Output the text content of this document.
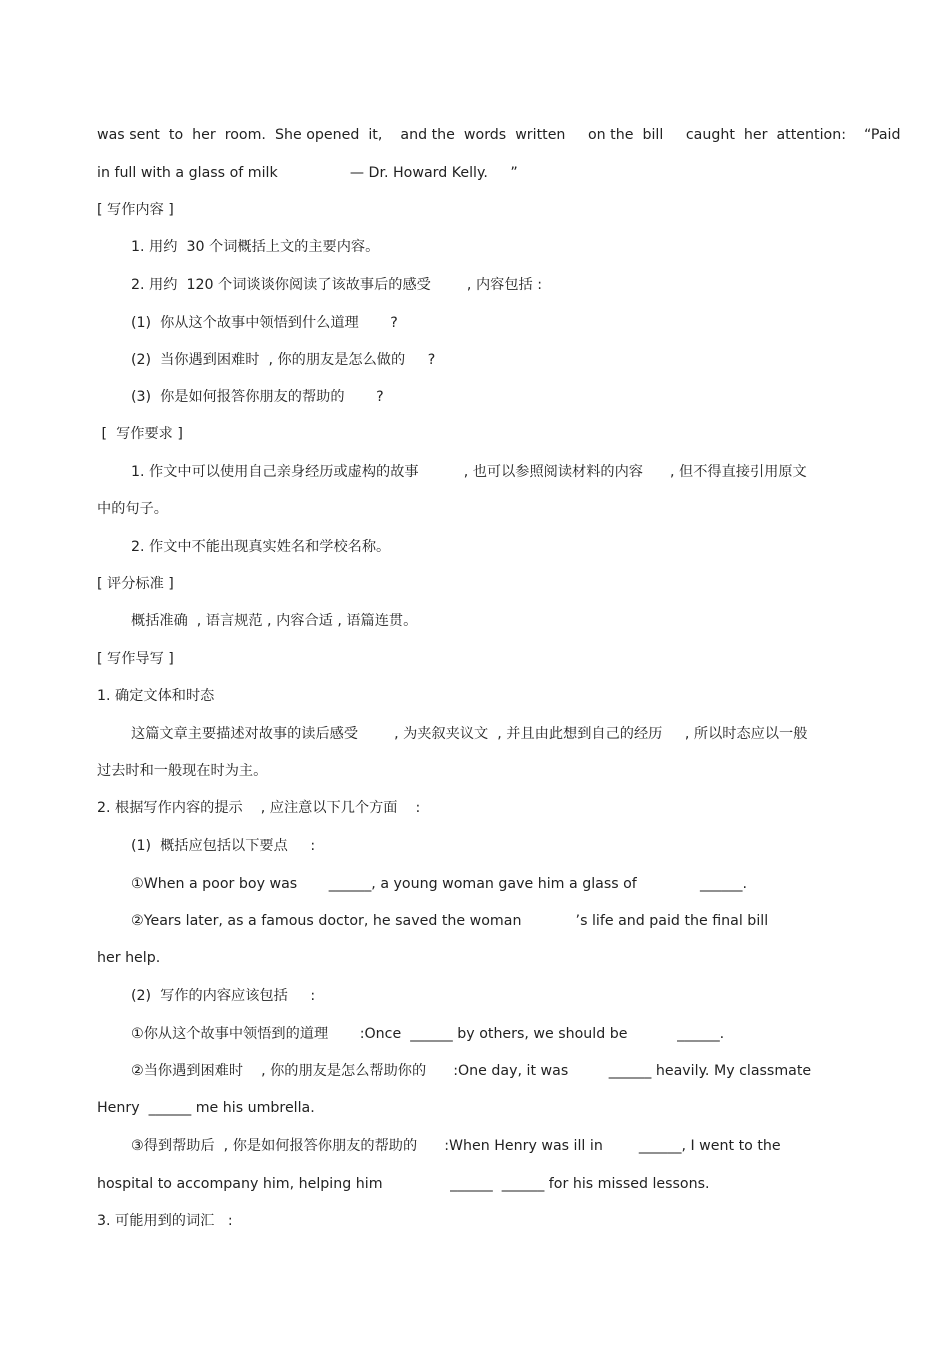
was sent  to  her  room.  She opened  it,    and the  words  written     on the  bill     caught  her  attention:    “Paid

in full with a glass of milk                — Dr. Howard Kelly.     ”

[ 写作内容 ]

1. 用约  30 个词概括上文的主要内容。

2. 用约  120 个词谈谈你阅读了该故事后的感受        , 内容包括 :

(1)  你从这个故事中领悟到什么道理       ?

(2)  当你遇到困难时  , 你的朋友是怎么做的     ?

(3)  你是如何报答你朋友的帮助的       ?

[  写作要求 ]

1. 作文中可以使用自己亲身经历或虚构的故事          , 也可以参照阅读材料的内容      , 但不得直接引用原文

中的句子。

2. 作文中不能出现真实姓名和学校名称。

[ 评分标准 ]

概括准确  , 语言规范 , 内容合适 , 语篇连贯。

[ 写作导写 ]

1. 确定文体和时态

这篇文章主要描述对故事的读后感受        , 为夹叙夹议文  , 并且由此想到自己的经历     , 所以时态应以一般

过去时和一般现在时为主。

2. 根据写作内容的提示    , 应注意以下几个方面    :

(1)  概括应包括以下要点     :

①When a poor boy was       ______, a young woman gave him a glass of              ______.

②Years later, as a famous doctor, he saved the woman            ’s life and paid the final bill

her help.

(2)  写作的内容应该包括     :

①你从这个故事中领悟到的道理       :Once  ______ by others, we should be           ______.

②当你遇到困难时    , 你的朋友是怎么帮助你的      :One day, it was         ______ heavily. My classmate

Henry  ______ me his umbrella.

③得到帮助后  , 你是如何报答你朋友的帮助的      :When Henry was ill in        ______, I went to the

hospital to accompany him, helping him               ______  ______ for his missed lessons.

3. 可能用到的词汇   :
